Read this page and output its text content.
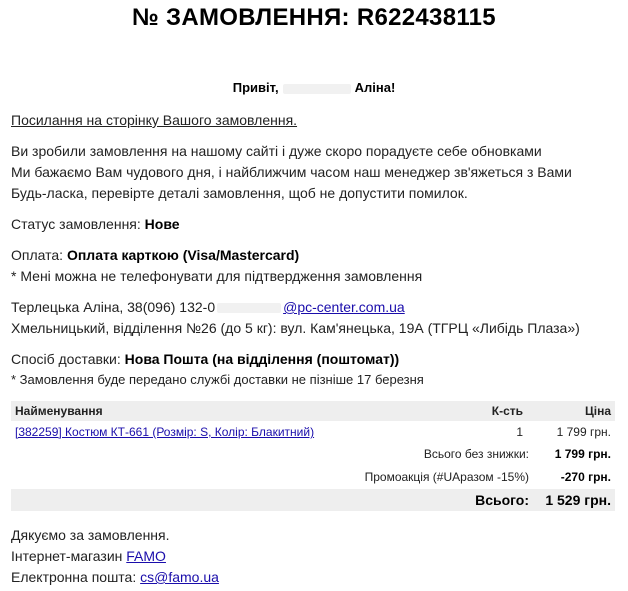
№ ЗАМОВЛЕННЯ: R622438115
Привіт,	Аліна!
Посилання на сторінку Вашого замовлення.
Ви зробили замовлення на нашому сайті і дуже скоро порадуєте себе обновками
Ми бажаємо Вам чудового дня, і найближчим часом наш менеджер зв'яжеться з Вами
Будь-ласка, перевірте деталі замовлення, щоб не допустити помилок.
Статус замовлення: Нове
Оплата: Оплата карткою (Visa/Mastercard)
* Мені можна не телефонувати для підтвердження замовлення
Терлецька Аліна, 38(096) 132-0	@pc-center.com.ua
Хмельницький, відділення №26 (до 5 кг): вул. Кам'янецька, 19А (ТГРЦ «Либідь Плаза»)
Спосіб доставки: Нова Пошта (на відділення (поштомат))
* Замовлення буде передано службі доставки не пізніше 17 березня
Найменування	К-сть	Ціна
[382259] Костюм КТ-661 (Розмір: S, Колір: Блакитний)	1	1 799 грн.
Всього без знижки: 1 799 грн.
Промоакція (#UAразом -15%)	-270 грн.
Всього: 1 529 грн.
Дякуємо за замовлення.
Інтернет-магазин FAMO
Електронна пошта: cs@famo.ua
